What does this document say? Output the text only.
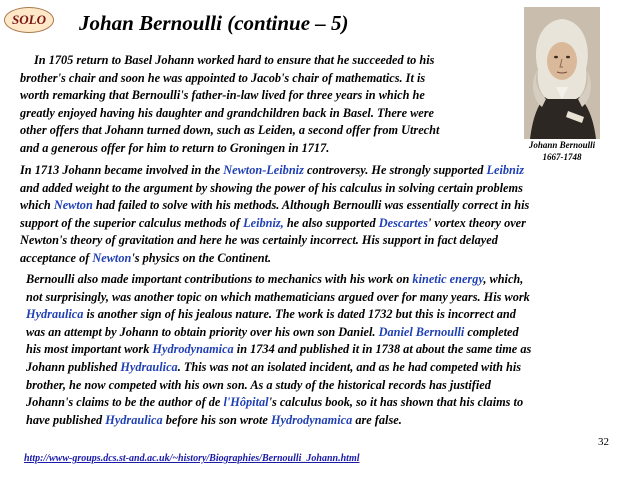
SOLO	Johan Bernoulli (continue – 5)
Johann Bernoulli
1667-1748
In 1705 return to Basel Johann worked hard to ensure that he succeeded to his
brother's chair and soon he was appointed to Jacob's chair of mathematics. It is
worth remarking that Bernoulli's father-in-law lived for three years in which he
greatly enjoyed having his daughter and grandchildren back in Basel. There were
other offers that Johann turned down, such as Leiden, a second offer from Utrecht
and a generous offer for him to return to Groningen in 1717.
In 1713 Johann became involved in the Newton-Leibniz controversy. He strongly supported Leibniz
and added weight to the argument by showing the power of his calculus in solving certain problems
which Newton had failed to solve with his methods. Although Bernoulli was essentially correct in his
support of the superior calculus methods of Leibniz, he also supported Descartes' vortex theory over
Newton's theory of gravitation and here he was certainly incorrect. His support in fact delayed
acceptance of Newton's physics on the Continent.
Bernoulli also made important contributions to mechanics with his work on kinetic energy, which,
not surprisingly, was another topic on which mathematicians argued over for many years. His work
Hydraulica is another sign of his jealous nature. The work is dated 1732 but this is incorrect and
was an attempt by Johann to obtain priority over his own son Daniel. Daniel Bernoulli completed
his most important work Hydrodynamica in 1734 and published it in 1738 at about the same time as
Johann published Hydraulica. This was not an isolated incident, and as he had competed with his
brother, he now competed with his own son. As a study of the historical records has justified
Johann's claims to be the author of de l'Hôpital's calculus book, so it has shown that his claims to
have published Hydraulica before his son wrote Hydrodynamica are false.
32
http://www-groups.dcs.st-and.ac.uk/~history/Biographies/Bernoulli_Johann.html
